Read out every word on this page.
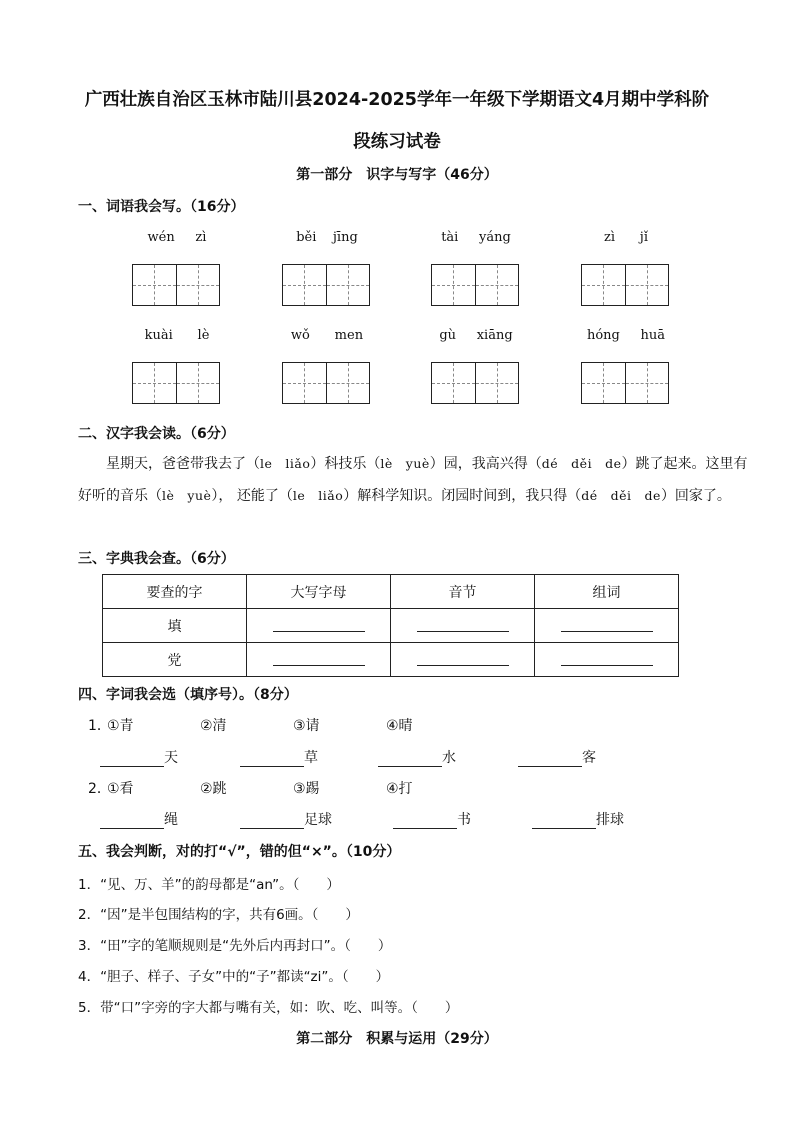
广西壮族自治区玉林市陆川县2024-2025学年一年级下学期语文4月期中学科阶
段练习试卷
第一部分　识字与写字（46分）
一、词语我会写。（16分）
wén zì	běi jīng	tài yáng	zì jǐ
kuài lè	wǒ men	gù xiāng	hóng huā
二、汉字我会读。（6分）
星期天，爸爸带我去了（le　liǎo）科技乐（lè　yuè）园，我高兴得（dé　děi　de）跳了起来。这里有好听的音乐（lè　yuè）， 还能了（le　liǎo）解科学知识。闭园时间到，我只得（dé　děi　de）回家了。
三、字典我会查。（6分）
要查的字	大写字母	音节	组词
填			
党			
四、字词我会选（填序号）。（8分）
1．
①青	②清	③请	④晴
天	草	水	客
2．
①看	②跳	③踢	④打
绳	足球	书	排球
五、我会判断，对的打“√”，错的但“×”。（10分）
1．“见、万、羊”的韵母都是“an”。（　　）
2．“因”是半包围结构的字，共有6画。（　　）
3．“田”字的笔顺规则是“先外后内再封口”。（　　）
4．“胆子、样子、子女”中的“子”都读“zi”。（　　）
5．带“口”字旁的字大都与嘴有关，如：吹、吃、叫等。（　　）
第二部分　积累与运用（29分）
